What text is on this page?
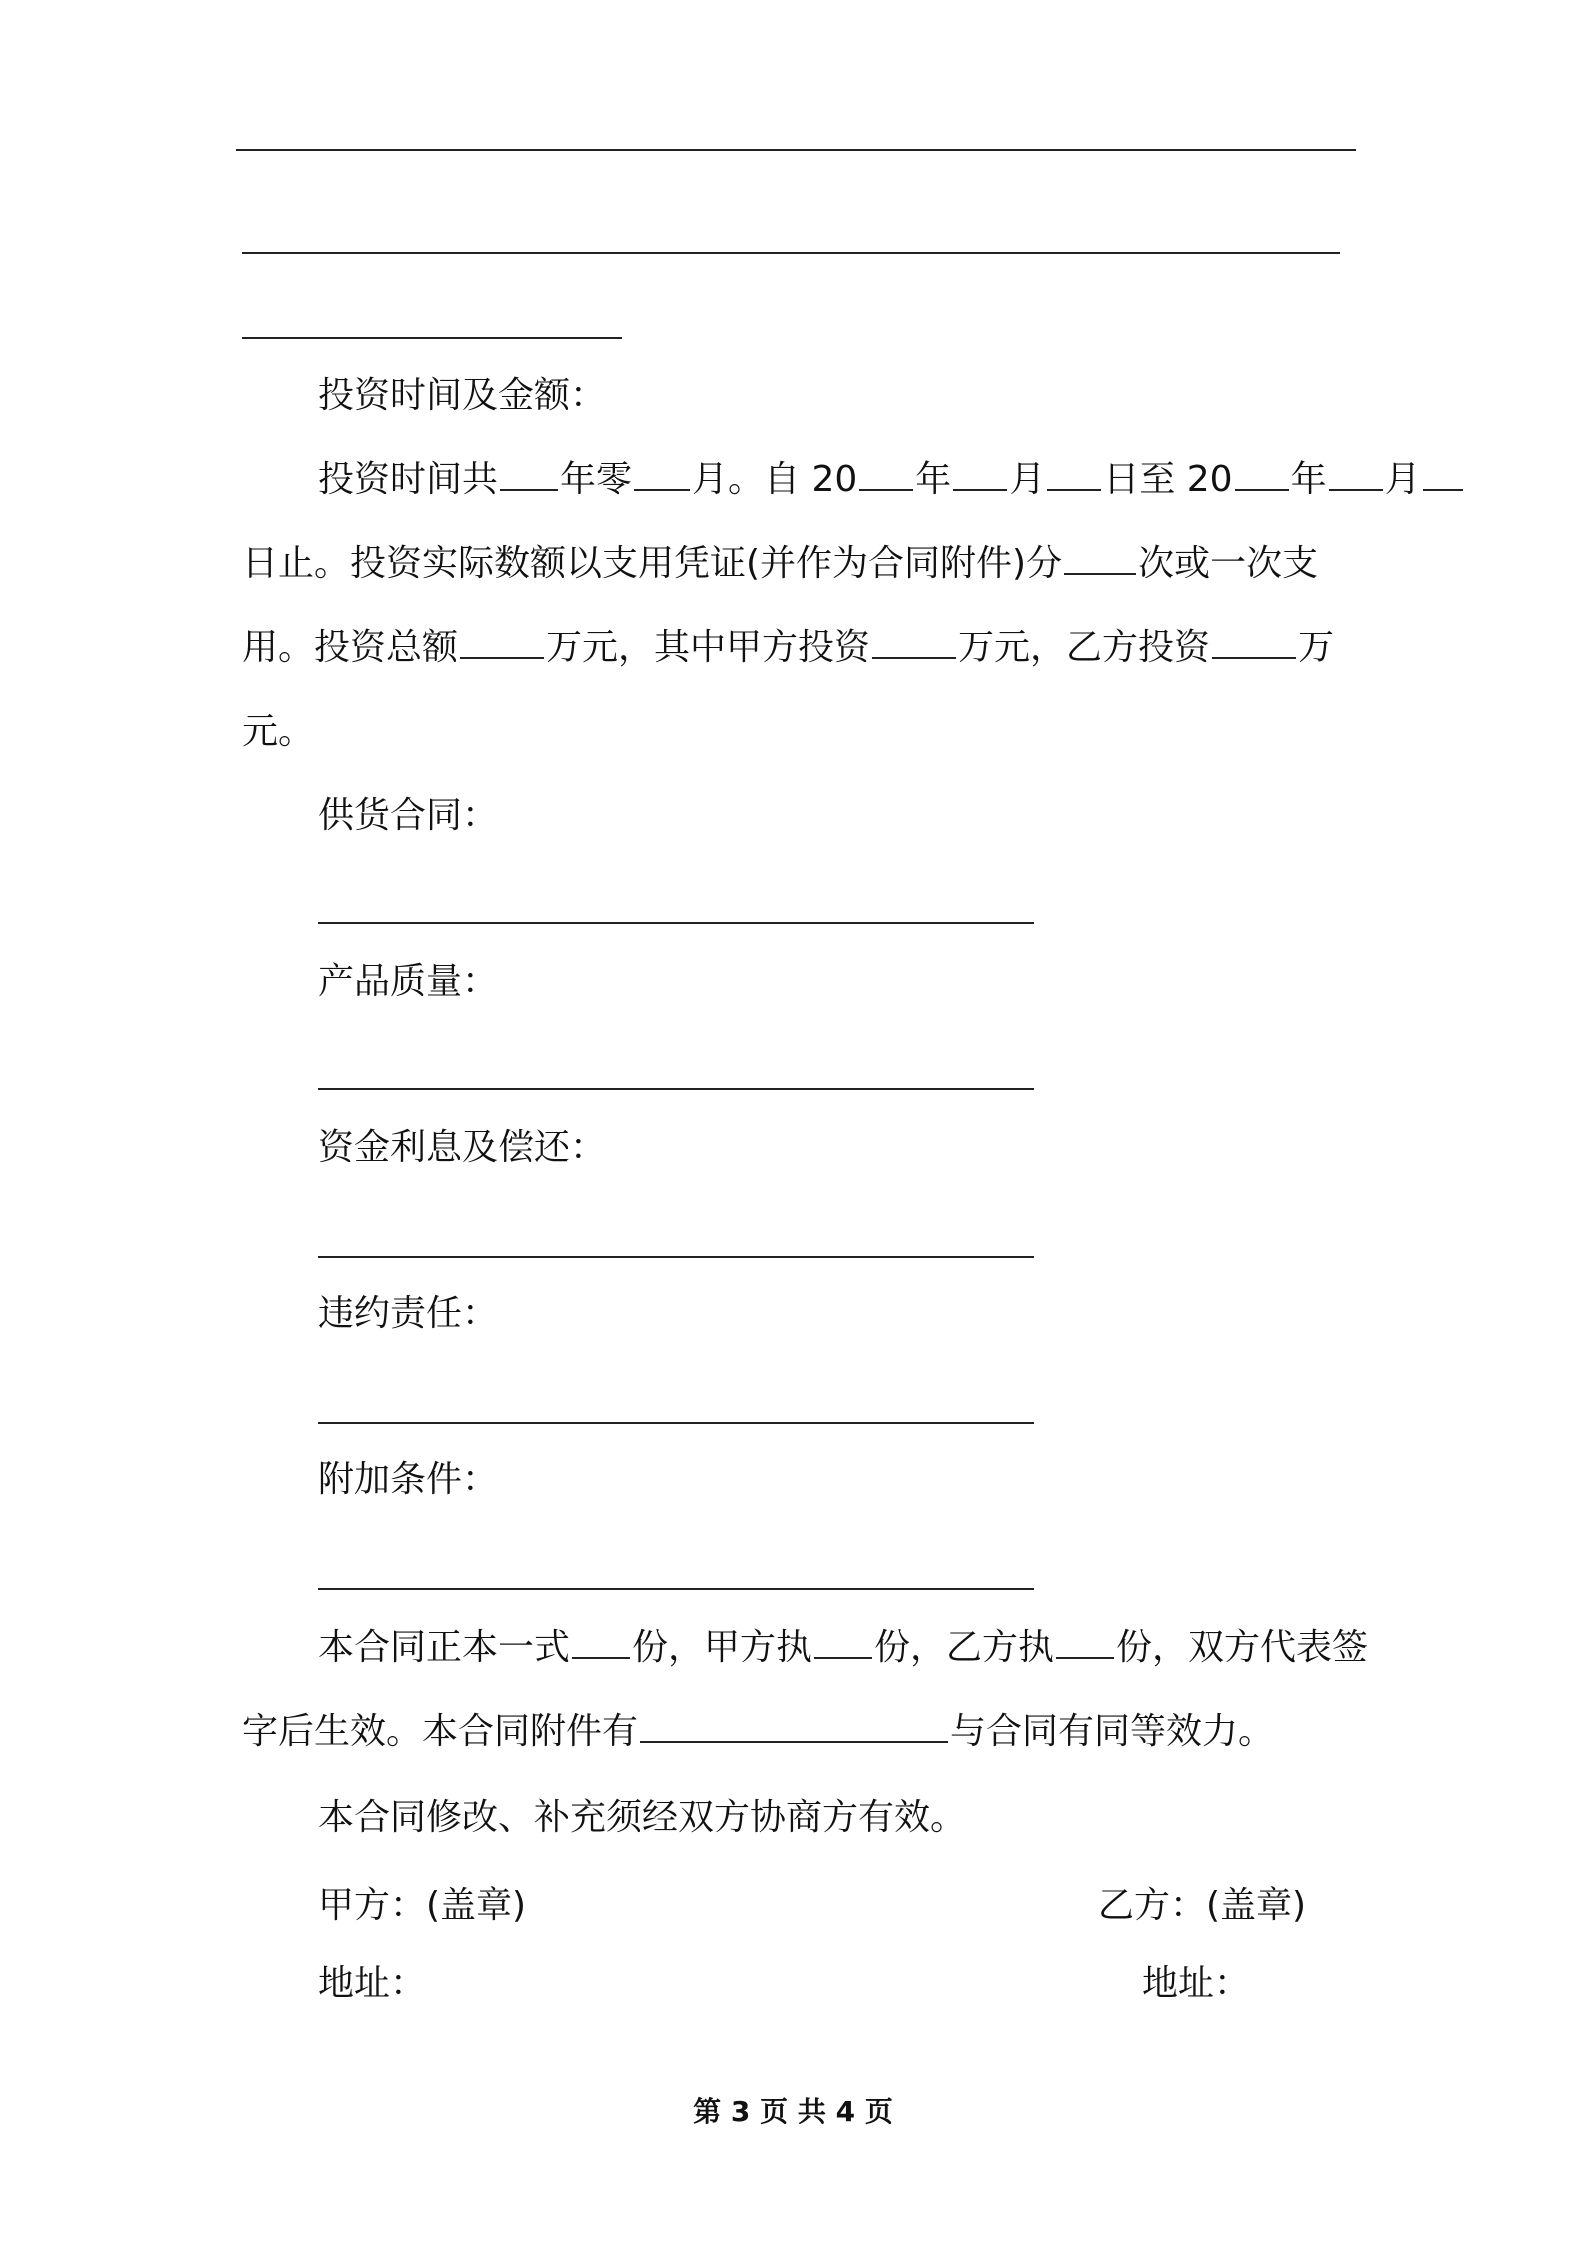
投资时间及金额：
投资时间共 年零 月。自 20 年 月 日至 20 年 月
日止。投资实际数额以支用凭证(并作为合同附件)分 次或一次支
用。投资总额 万元，其中甲方投资 万元，乙方投资 万
元。
供货合同：
产品质量：
资金利息及偿还：
违约责任：
附加条件：
本合同正本一式 份，甲方执 份，乙方执 份，双方代表签
字后生效。本合同附件有	与合同有同等效力。
本合同修改、补充须经双方协商方有效。
甲方：(盖章)	乙方：(盖章)
地址：	地址：
第 3 页 共 4 页
